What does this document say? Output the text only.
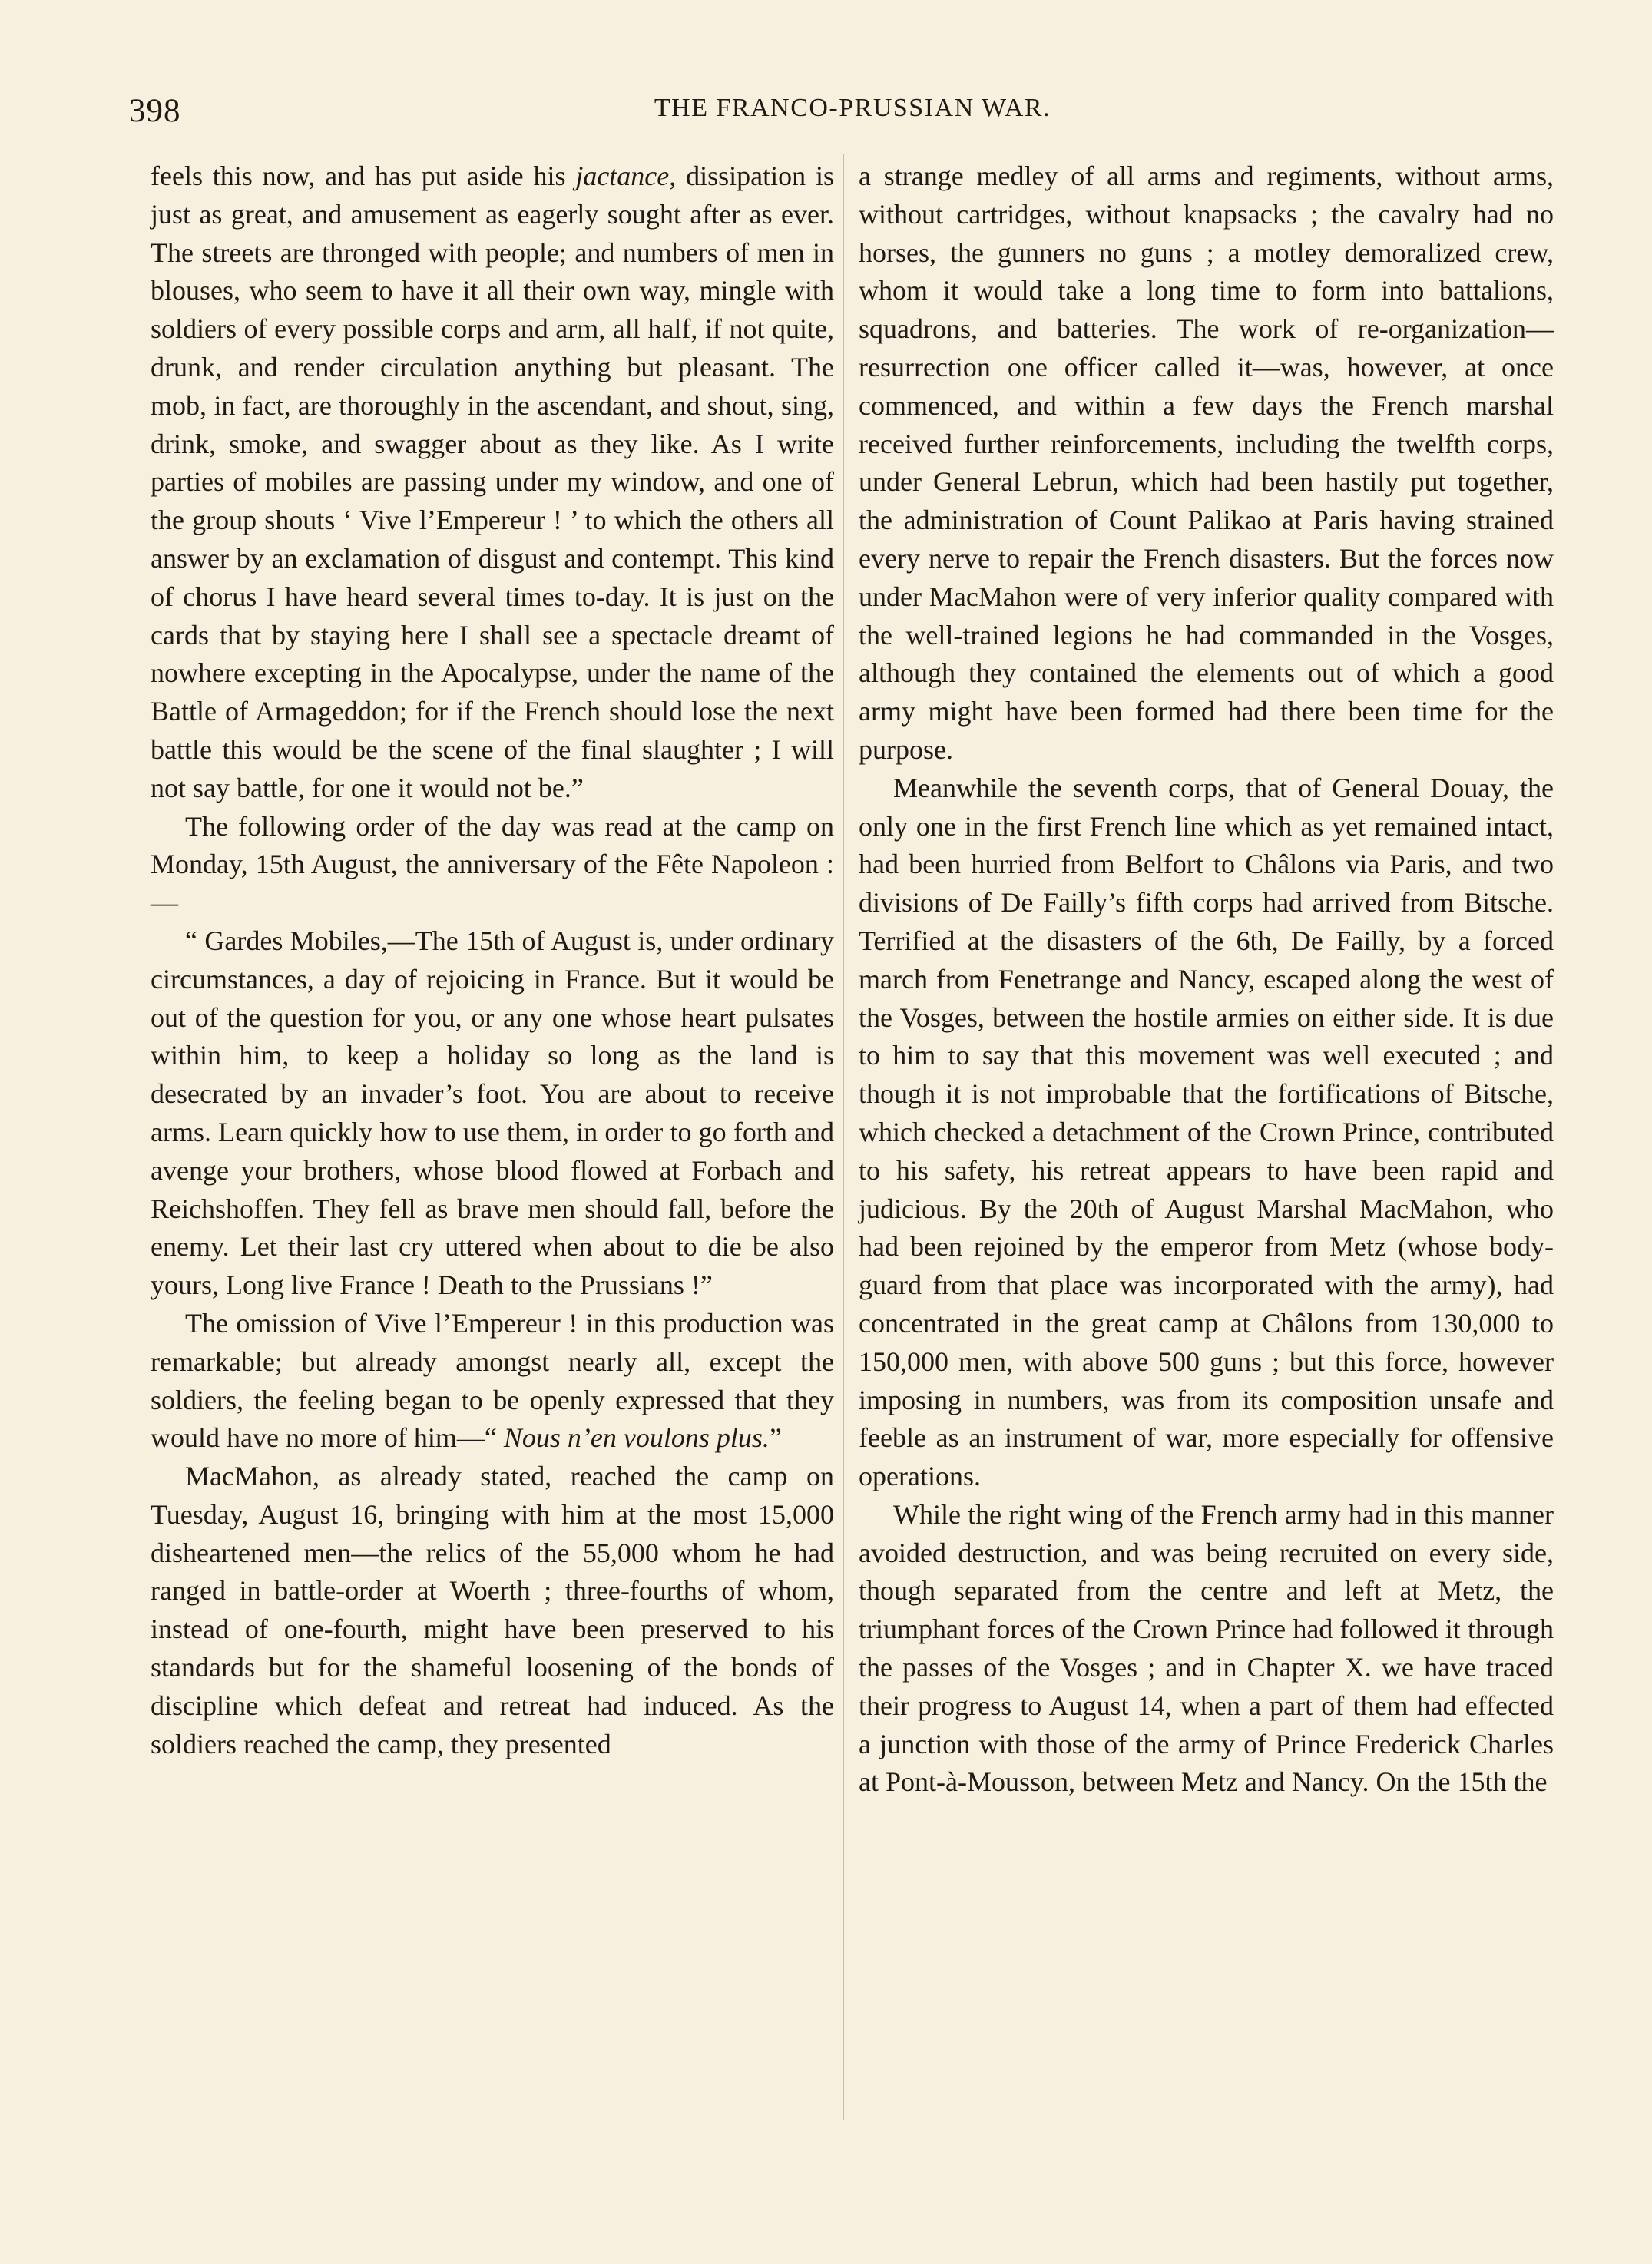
398	THE FRANCO-PRUSSIAN WAR.

feels this now, and has put aside his jactance, dissipation is just as great, and amusement as eagerly sought after as ever. The streets are thronged with people; and numbers of men in blouses, who seem to have it all their own way, mingle with soldiers of every possible corps and arm, all half, if not quite, drunk, and render circulation anything but pleasant. The mob, in fact, are thoroughly in the ascendant, and shout, sing, drink, smoke, and swagger about as they like. As I write parties of mobiles are passing under my window, and one of the group shouts ‘ Vive l’Empereur ! ’ to which the others all answer by an exclamation of disgust and contempt. This kind of chorus I have heard several times to-day. It is just on the cards that by staying here I shall see a spectacle dreamt of nowhere excepting in the Apocalypse, under the name of the Battle of Armageddon; for if the French should lose the next battle this would be the scene of the final slaughter ; I will not say battle, for one it would not be.”

The following order of the day was read at the camp on Monday, 15th August, the anniversary of the Fête Napoleon :—

“ Gardes Mobiles,—The 15th of August is, under ordinary circumstances, a day of rejoicing in France. But it would be out of the question for you, or any one whose heart pulsates within him, to keep a holiday so long as the land is desecrated by an invader’s foot. You are about to receive arms. Learn quickly how to use them, in order to go forth and avenge your brothers, whose blood flowed at Forbach and Reichshoffen. They fell as brave men should fall, before the enemy. Let their last cry uttered when about to die be also yours, Long live France ! Death to the Prussians !”

The omission of Vive l’Empereur ! in this production was remarkable; but already amongst nearly all, except the soldiers, the feeling began to be openly expressed that they would have no more of him—“ Nous n’en voulons plus.”

MacMahon, as already stated, reached the camp on Tuesday, August 16, bringing with him at the most 15,000 disheartened men—the relics of the 55,000 whom he had ranged in battle-order at Woerth ; three-fourths of whom, instead of one-fourth, might have been preserved to his standards but for the shameful loosening of the bonds of discipline which defeat and retreat had induced. As the soldiers reached the camp, they presented

a strange medley of all arms and regiments, without arms, without cartridges, without knapsacks ; the cavalry had no horses, the gunners no guns ; a motley demoralized crew, whom it would take a long time to form into battalions, squadrons, and batteries. The work of re-organization—resurrection one officer called it—was, however, at once commenced, and within a few days the French marshal received further reinforcements, including the twelfth corps, under General Lebrun, which had been hastily put together, the administration of Count Palikao at Paris having strained every nerve to repair the French disasters. But the forces now under MacMahon were of very inferior quality compared with the well-trained legions he had commanded in the Vosges, although they contained the elements out of which a good army might have been formed had there been time for the purpose.

Meanwhile the seventh corps, that of General Douay, the only one in the first French line which as yet remained intact, had been hurried from Belfort to Châlons via Paris, and two divisions of De Failly’s fifth corps had arrived from Bitsche. Terrified at the disasters of the 6th, De Failly, by a forced march from Fenetrange and Nancy, escaped along the west of the Vosges, between the hostile armies on either side. It is due to him to say that this movement was well executed ; and though it is not improbable that the fortifications of Bitsche, which checked a detachment of the Crown Prince, contributed to his safety, his retreat appears to have been rapid and judicious. By the 20th of August Marshal MacMahon, who had been rejoined by the emperor from Metz (whose body-guard from that place was incorporated with the army), had concentrated in the great camp at Châlons from 130,000 to 150,000 men, with above 500 guns ; but this force, however imposing in numbers, was from its composition unsafe and feeble as an instrument of war, more especially for offensive operations.

While the right wing of the French army had in this manner avoided destruction, and was being recruited on every side, though separated from the centre and left at Metz, the triumphant forces of the Crown Prince had followed it through the passes of the Vosges ; and in Chapter X. we have traced their progress to August 14, when a part of them had effected a junction with those of the army of Prince Frederick Charles at Pont-à-Mousson, between Metz and Nancy. On the 15th the
